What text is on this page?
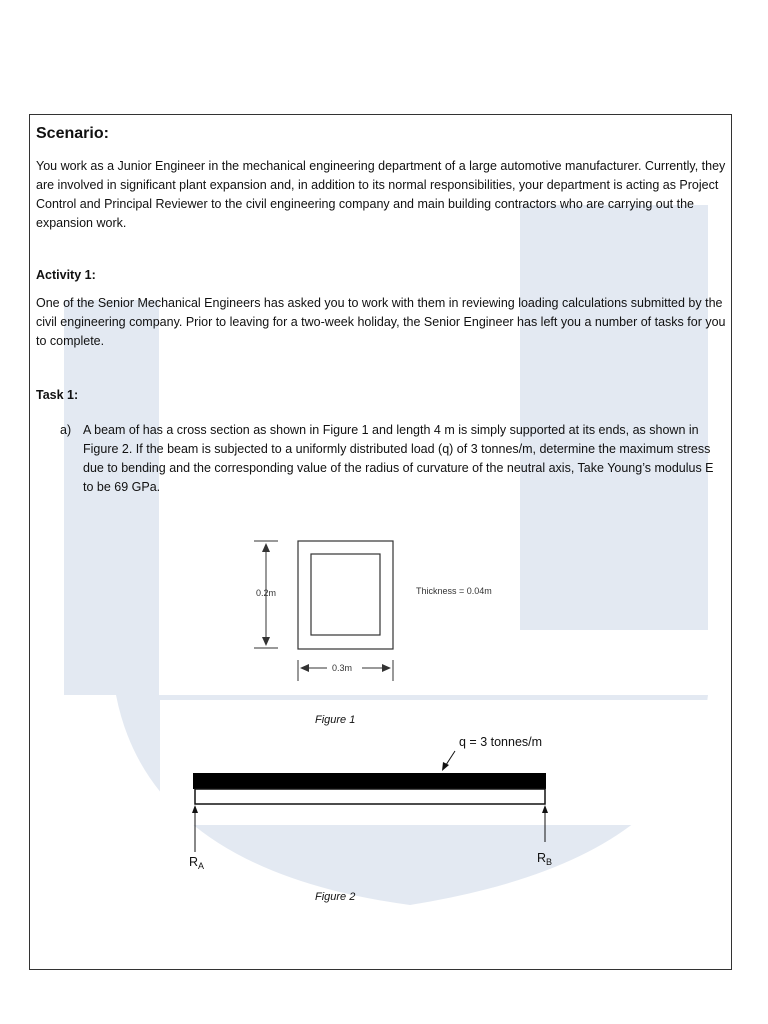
Scenario:
You work as a Junior Engineer in the mechanical engineering department of a large automotive manufacturer. Currently, they are involved in significant plant expansion and, in addition to its normal responsibilities, your department is acting as Project Control and Principal Reviewer to the civil engineering company and main building contractors who are carrying out the expansion work.
Activity 1:
One of the Senior Mechanical Engineers has asked you to work with them in reviewing loading calculations submitted by the civil engineering company. Prior to leaving for a two-week holiday, the Senior Engineer has left you a number of tasks for you to complete.
Task 1:
a) A beam of has a cross section as shown in Figure 1 and length 4 m is simply supported at its ends, as shown in Figure 2. If the beam is subjected to a uniformly distributed load (q) of 3 tonnes/m, determine the maximum stress due to bending and the corresponding value of the radius of curvature of the neutral axis, Take Young’s modulus E to be 69 GPa.
0.2m
0.3m
Thickness = 0.04m
Figure 1
q = 3 tonnes/m
$R_A$
$R_B$
Figure 2
